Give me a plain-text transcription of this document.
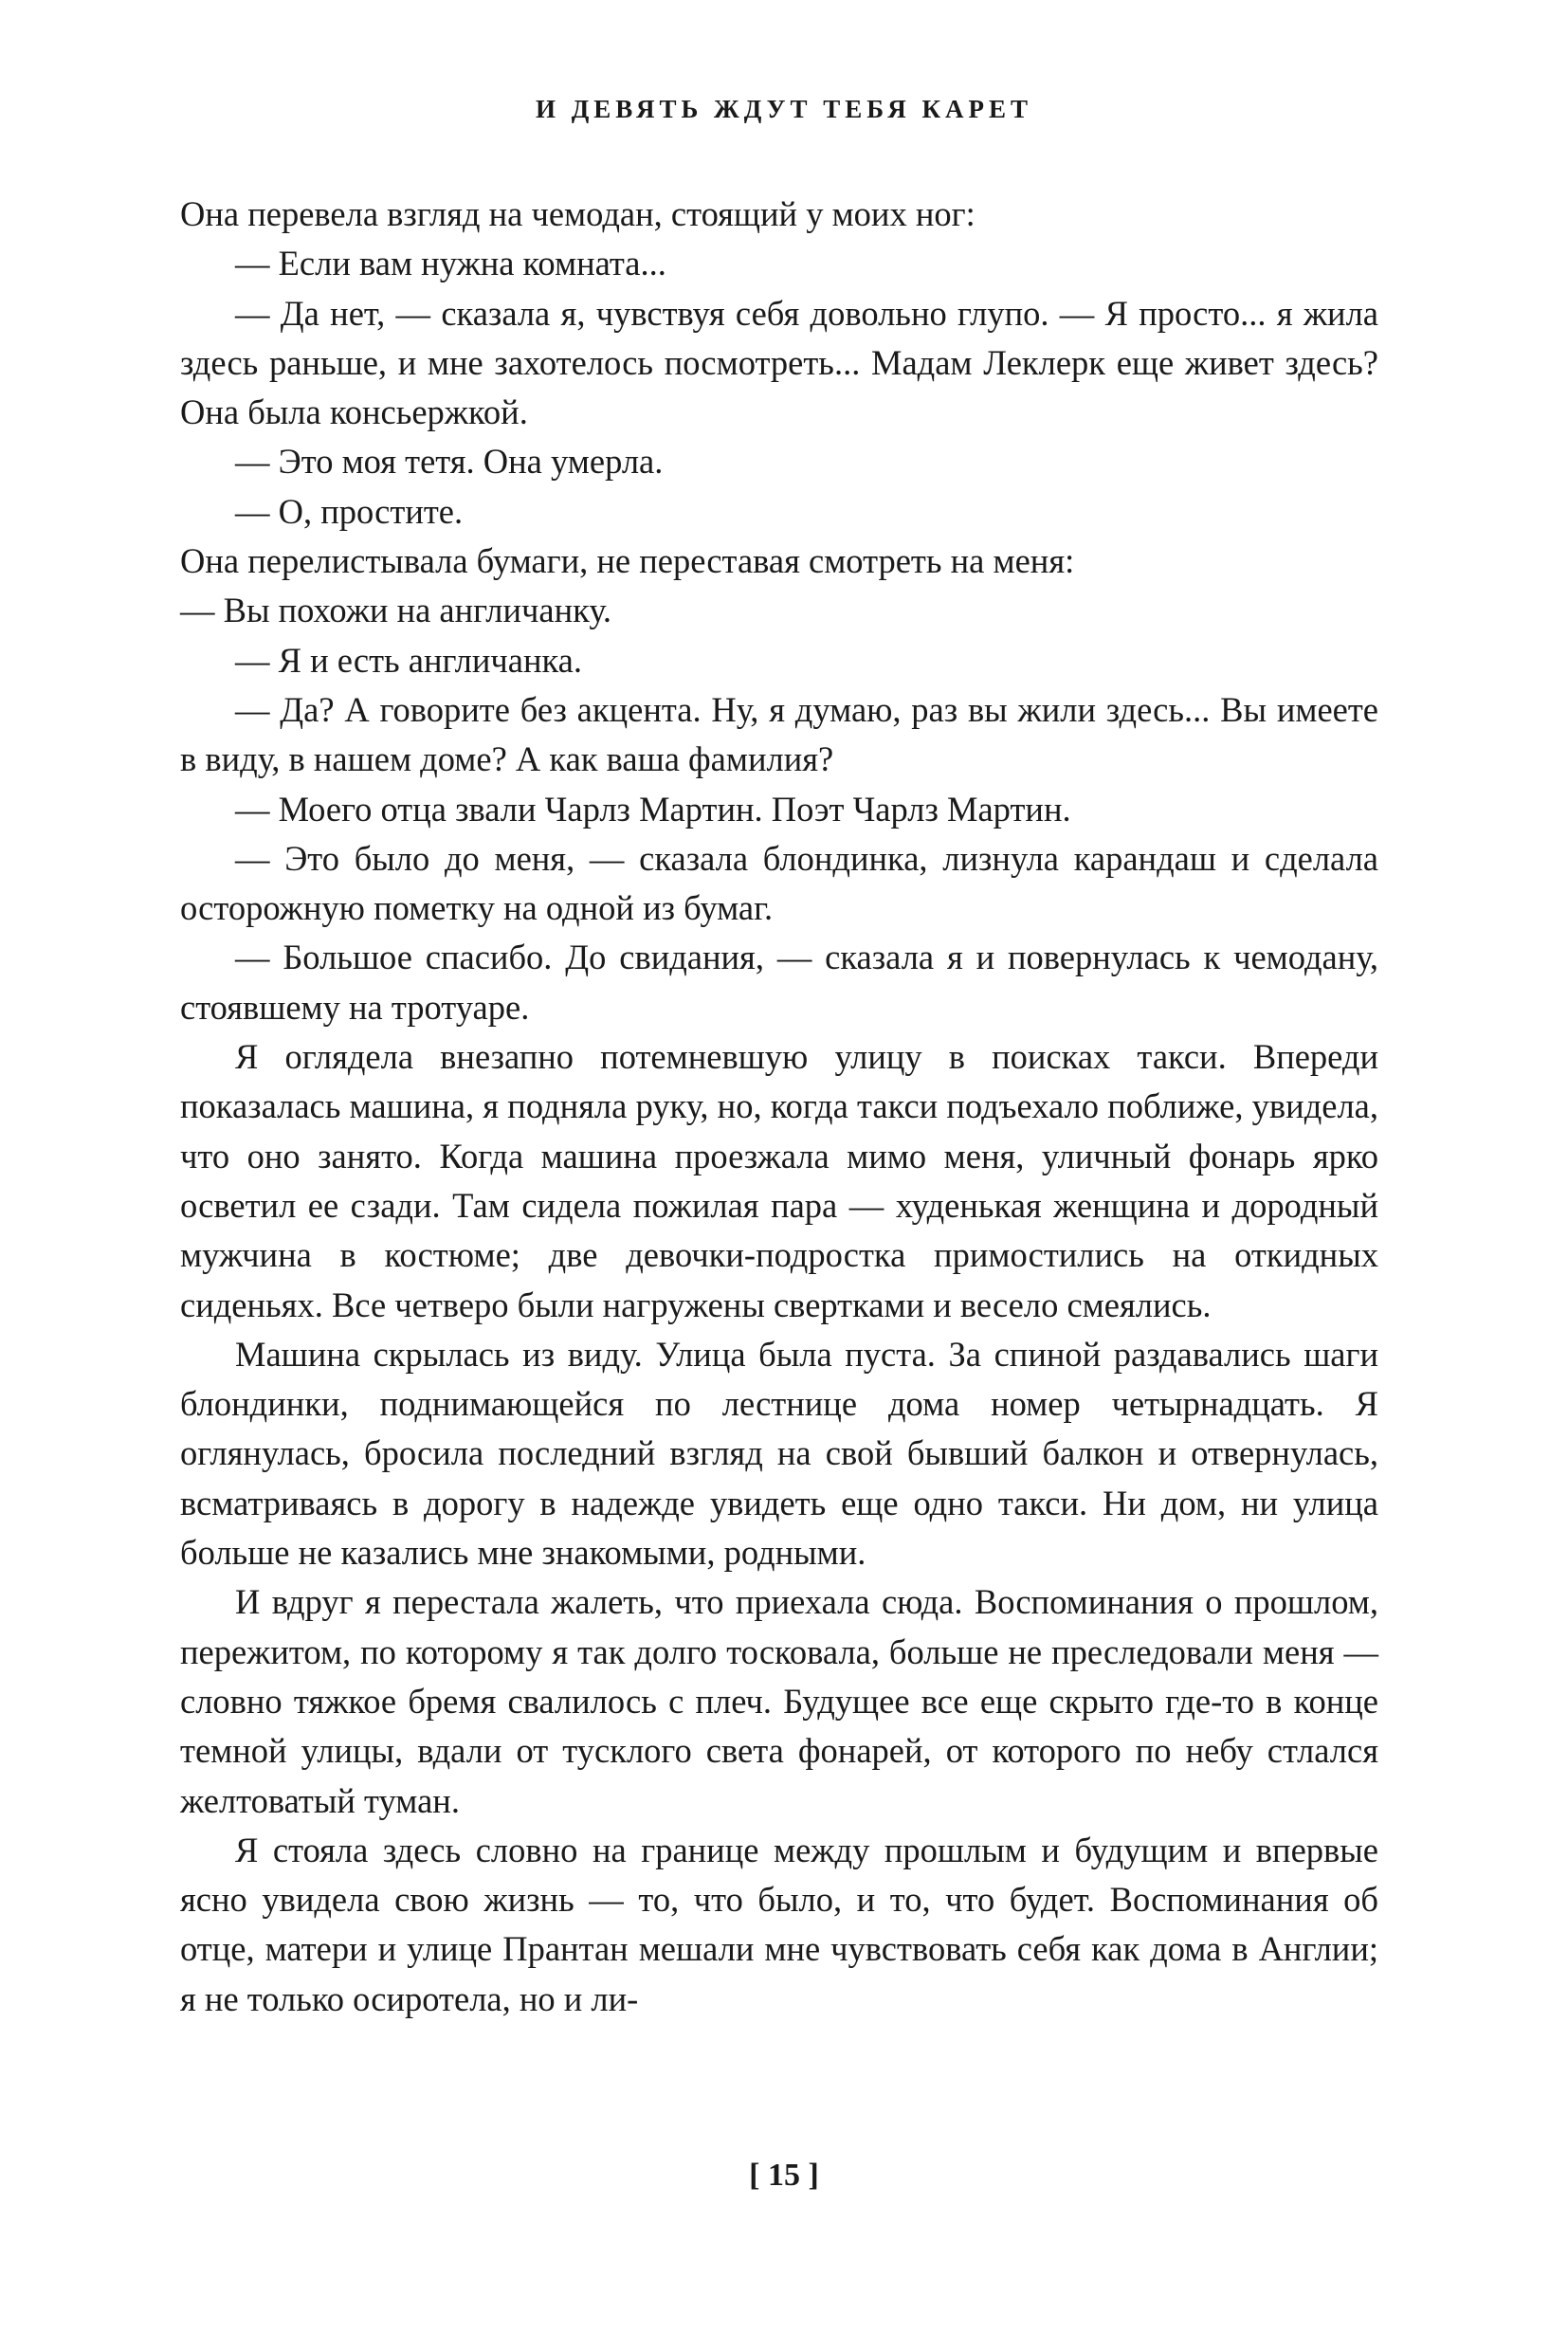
И ДЕВЯТЬ ЖДУТ ТЕБЯ КАРЕТ

Она перевела взгляд на чемодан, стоящий у моих ног:

— Если вам нужна комната...

— Да нет, — сказала я, чувствуя себя довольно глупо. — Я просто... я жила здесь раньше, и мне захотелось посмотреть... Мадам Леклерк еще живет здесь? Она была консьержкой.

— Это моя тетя. Она умерла.

— О, простите.

Она перелистывала бумаги, не переставая смотреть на меня:

— Вы похожи на англичанку.

— Я и есть англичанка.

— Да? А говорите без акцента. Ну, я думаю, раз вы жили здесь... Вы имеете в виду, в нашем доме? А как ваша фамилия?

— Моего отца звали Чарлз Мартин. Поэт Чарлз Мартин.

— Это было до меня, — сказала блондинка, лизнула карандаш и сделала осторожную пометку на одной из бумаг.

— Большое спасибо. До свидания, — сказала я и повернулась к чемодану, стоявшему на тротуаре.

Я оглядела внезапно потемневшую улицу в поисках такси. Впереди показалась машина, я подняла руку, но, когда такси подъехало поближе, увидела, что оно занято. Когда машина проезжала мимо меня, уличный фонарь ярко осветил ее сзади. Там сидела пожилая пара — худенькая женщина и дородный мужчина в костюме; две девочки-подростка примостились на откидных сиденьях. Все четверо были нагружены свертками и весело смеялись.

Машина скрылась из виду. Улица была пуста. За спиной раздавались шаги блондинки, поднимающейся по лестнице дома номер четырнадцать. Я оглянулась, бросила последний взгляд на свой бывший балкон и отвернулась, всматриваясь в дорогу в надежде увидеть еще одно такси. Ни дом, ни улица больше не казались мне знакомыми, родными.

И вдруг я перестала жалеть, что приехала сюда. Воспоминания о прошлом, пережитом, по которому я так долго тосковала, больше не преследовали меня — словно тяжкое бремя свалилось с плеч. Будущее все еще скрыто где-то в конце темной улицы, вдали от тусклого света фонарей, от которого по небу стлался желтоватый туман.

Я стояла здесь словно на границе между прошлым и будущим и впервые ясно увидела свою жизнь — то, что было, и то, что будет. Воспоминания об отце, матери и улице Прантан мешали мне чувствовать себя как дома в Англии; я не только осиротела, но и ли-

[ 15 ]
